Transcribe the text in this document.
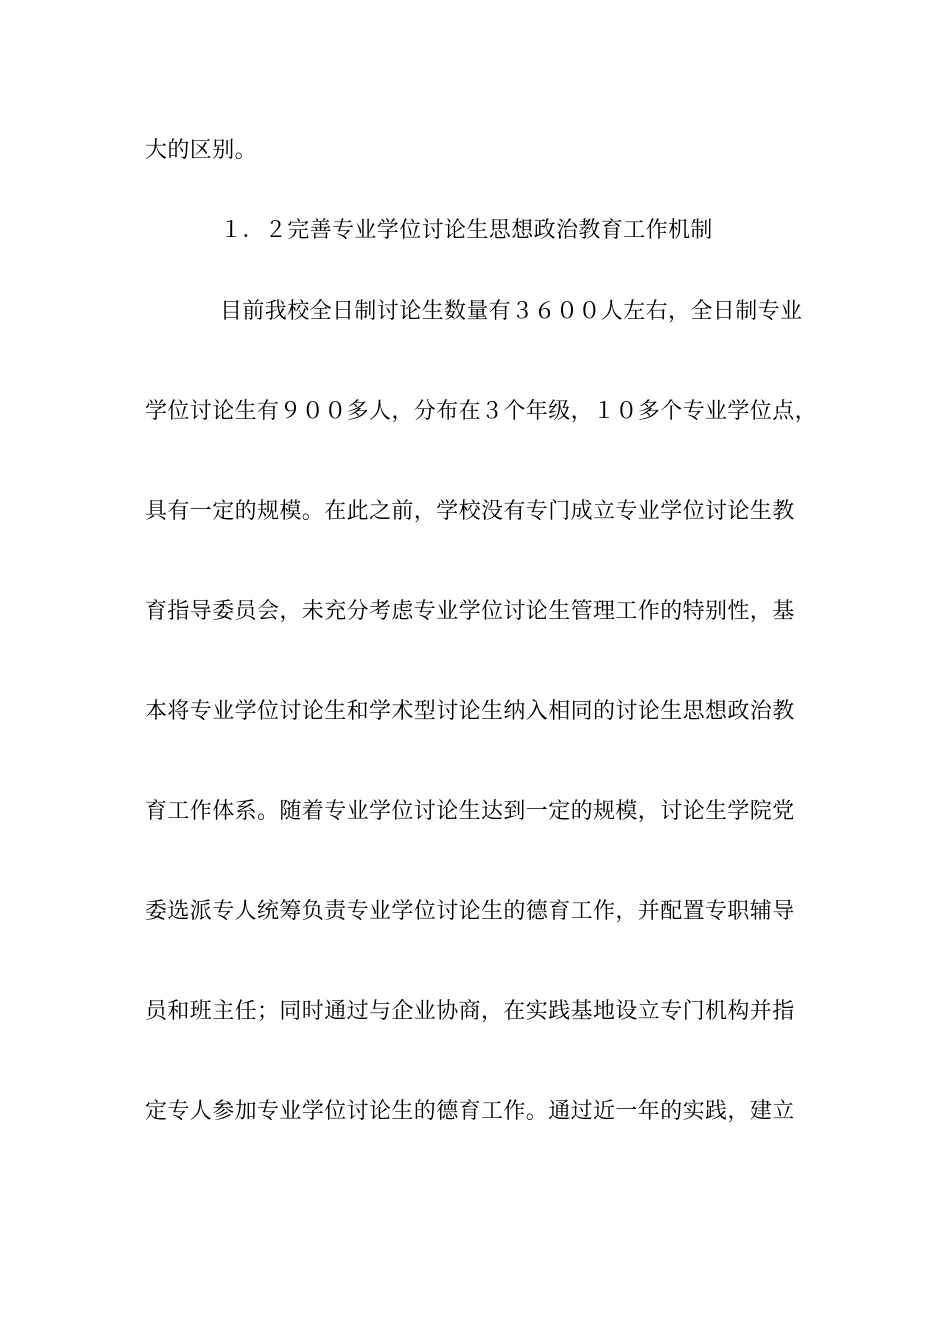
大的区别。
１．２完善专业学位讨论生思想政治教育工作机制
目前我校全日制讨论生数量有３６００人左右，全日制专业
学位讨论生有９００多人，分布在３个年级，１０多个专业学位点，
具有一定的规模。在此之前，学校没有专门成立专业学位讨论生教
育指导委员会，未充分考虑专业学位讨论生管理工作的特别性，基
本将专业学位讨论生和学术型讨论生纳入相同的讨论生思想政治教
育工作体系。随着专业学位讨论生达到一定的规模，讨论生学院党
委选派专人统筹负责专业学位讨论生的德育工作，并配置专职辅导
员和班主任；同时通过与企业协商，在实践基地设立专门机构并指
定专人参加专业学位讨论生的德育工作。通过近一年的实践，建立
